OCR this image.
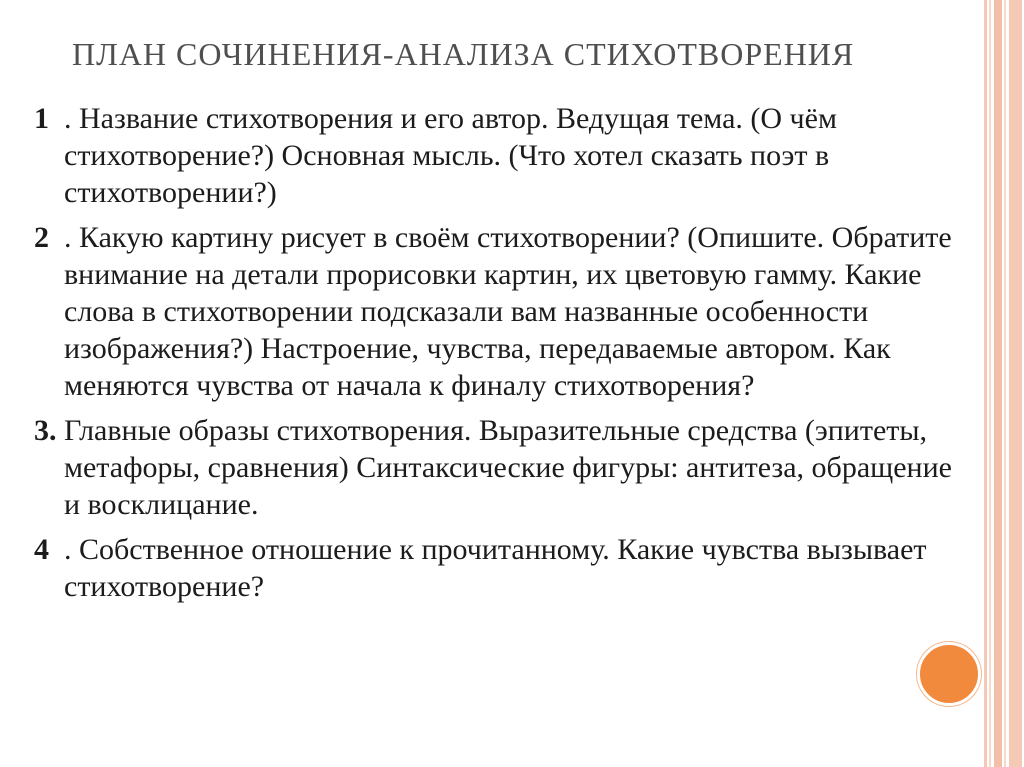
ПЛАН СОЧИНЕНИЯ-АНАЛИЗА СТИХОТВОРЕНИЯ
1 . Название стихотворения и его автор. Ведущая тема. (О чём стихотворение?) Основная мысль. (Что хотел сказать поэт в стихотворении?)
2 . Какую картину рисует в своём стихотворении? (Опишите. Обратите внимание на детали прорисовки картин, их цветовую гамму. Какие слова в стихотворении подсказали вам названные особенности изображения?) Настроение, чувства, передаваемые автором. Как меняются чувства от начала к финалу стихотворения?
3. Главные образы стихотворения. Выразительные средства (эпитеты, метафоры, сравнения) Синтаксические фигуры: антитеза, обращение и восклицание.
4 . Собственное отношение к прочитанному. Какие чувства вызывает стихотворение?
